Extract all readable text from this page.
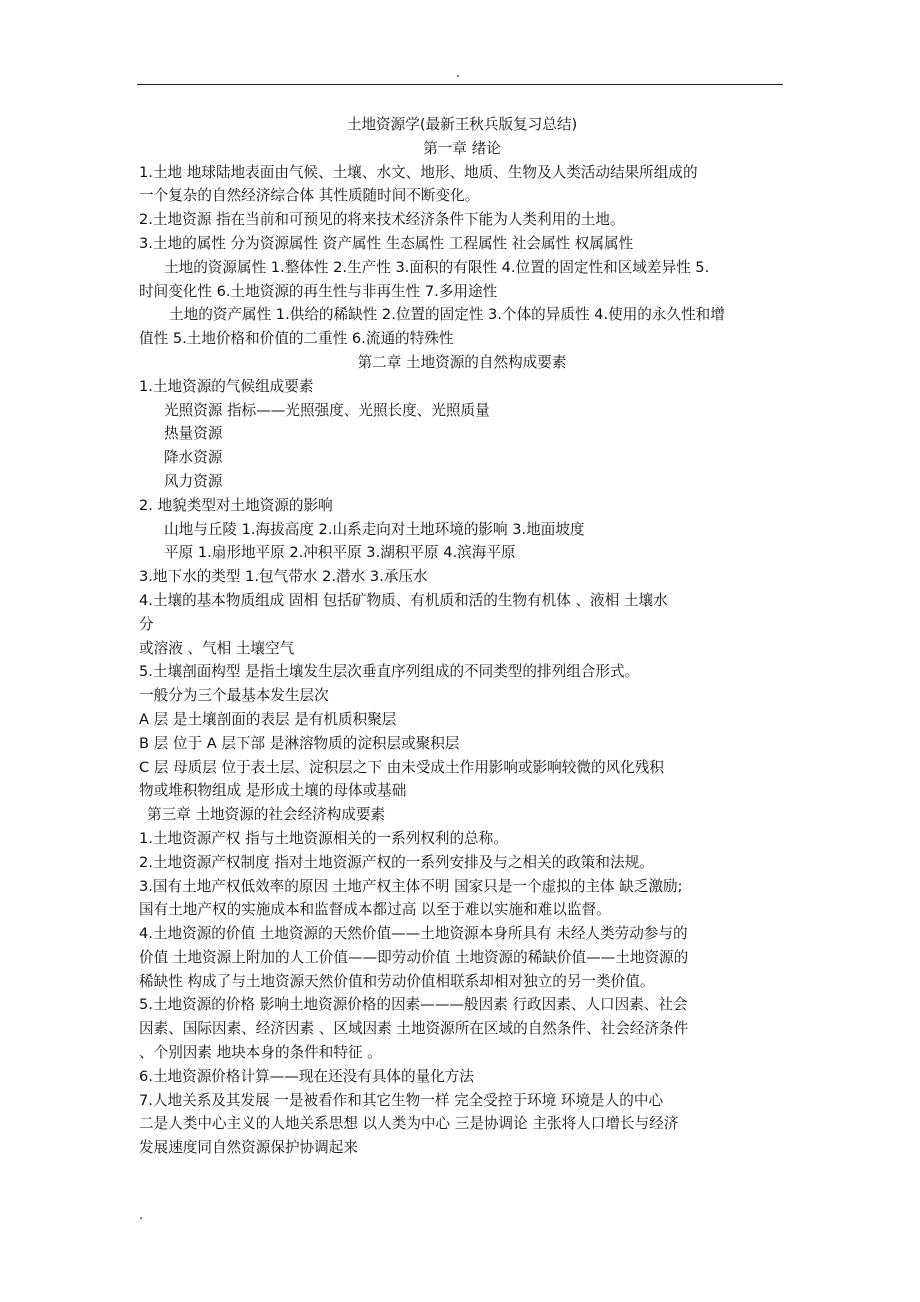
.
土地资源学(最新王秋兵版复习总结)
第一章 绪论
1.土地 地球陆地表面由气候、土壤、水文、地形、地质、生物及人类活动结果所组成的
一个复杂的自然经济综合体 其性质随时间不断变化。
2.土地资源 指在当前和可预见的将来技术经济条件下能为人类利用的土地。
3.土地的属性 分为资源属性 资产属性 生态属性 工程属性 社会属性 权属属性
土地的资源属性 1.整体性 2.生产性 3.面积的有限性 4.位置的固定性和区域差异性 5.
时间变化性 6.土地资源的再生性与非再生性 7.多用途性
土地的资产属性 1.供给的稀缺性 2.位置的固定性 3.个体的异质性 4.使用的永久性和增
值性 5.土地价格和价值的二重性 6.流通的特殊性
第二章 土地资源的自然构成要素
1.土地资源的气候组成要素
光照资源 指标——光照强度、光照长度、光照质量
热量资源
降水资源
风力资源
2. 地貌类型对土地资源的影响
山地与丘陵 1.海拔高度 2.山系走向对土地环境的影响 3.地面坡度
平原 1.扇形地平原 2.冲积平原 3.湖积平原 4.滨海平原
3.地下水的类型 1.包气带水 2.潜水 3.承压水
4.土壤的基本物质组成 固相 包括矿物质、有机质和活的生物有机体 、液相 土壤水
分
或溶液 、气相 土壤空气
5.土壤剖面构型 是指土壤发生层次垂直序列组成的不同类型的排列组合形式。
一般分为三个最基本发生层次
A 层 是土壤剖面的表层 是有机质积聚层
B 层 位于 A 层下部 是淋溶物质的淀积层或聚积层
C 层 母质层 位于表土层、淀积层之下 由未受成土作用影响或影响较微的风化残积
物或堆积物组成 是形成土壤的母体或基础
第三章 土地资源的社会经济构成要素
1.土地资源产权 指与土地资源相关的一系列权利的总称。
2.土地资源产权制度 指对土地资源产权的一系列安排及与之相关的政策和法规。
3.国有土地产权低效率的原因 土地产权主体不明 国家只是一个虚拟的主体 缺乏激励;
国有土地产权的实施成本和监督成本都过高 以至于难以实施和难以监督。
4.土地资源的价值 土地资源的天然价值——土地资源本身所具有 未经人类劳动参与的
价值 土地资源上附加的人工价值——即劳动价值 土地资源的稀缺价值——土地资源的
稀缺性 构成了与土地资源天然价值和劳动价值相联系却相对独立的另一类价值。
5.土地资源的价格 影响土地资源价格的因素———般因素 行政因素、人口因素、社会
因素、国际因素、经济因素 、区域因素 土地资源所在区域的自然条件、社会经济条件
、个别因素 地块本身的条件和特征 。
6.土地资源价格计算——现在还没有具体的量化方法
7.人地关系及其发展 一是被看作和其它生物一样 完全受控于环境 环境是人的中心
二是人类中心主义的人地关系思想 以人类为中心 三是协调论 主张将人口增长与经济
发展速度同自然资源保护协调起来
.
